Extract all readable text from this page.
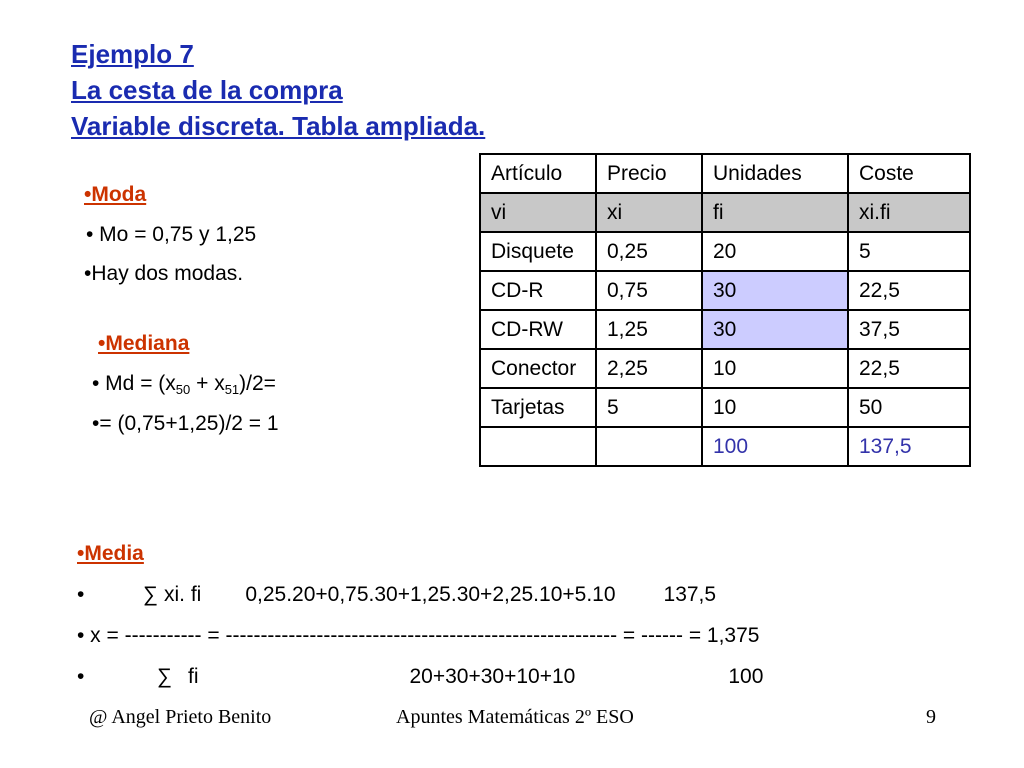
Ejemplo 7
La cesta de la compra
Variable discreta. Tabla ampliada.
•Moda
• Mo = 0,75 y 1,25
•Hay dos modas.
•Mediana
• $Md = (x_{50} + x_{51})/2=$
•= (0,75+1,25)/2 = 1
Artículo	Precio	Unidades	Coste
vi	xi	fi	xi.fi
Disquete	0,25	20	5
CD-R	0,75	30	22,5
CD-RW	1,25	30	37,5
Conector	2,25	10	22,5
Tarjetas	5	10	50
		100	137,5
•Media
•	∑ xi. fi 0,25.20+0,75.30+1,25.30+2,25.10+5.10 137,5
• x = ----------- = -------------------------------------------------------- = ------ = 1,375
•	∑ fi	20+30+30+10+10	100
@ Angel Prieto Benito	Apuntes Matemáticas 2º ESO	9
